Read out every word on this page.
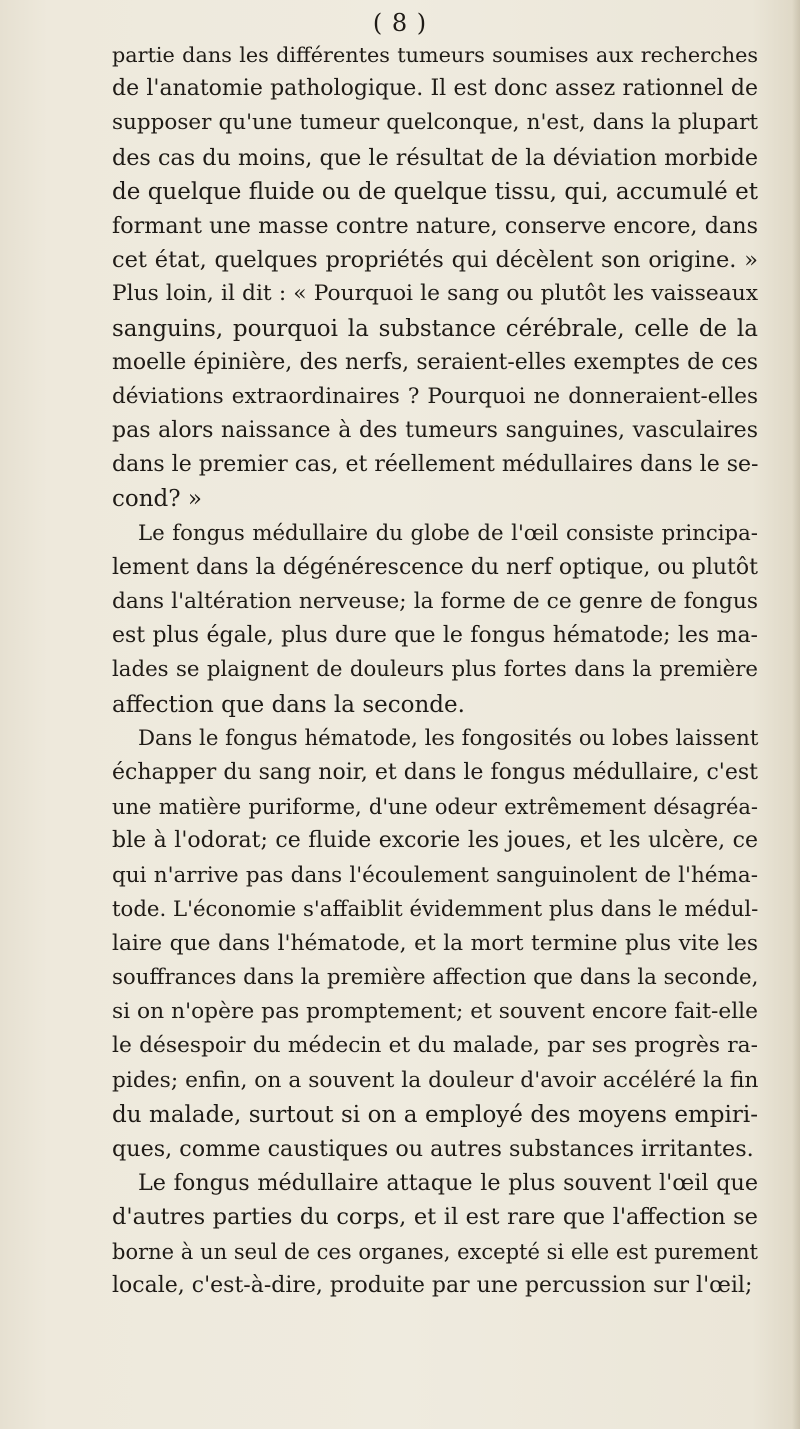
( 8 )
partie dans les différentes tumeurs soumises aux recherches
de l'anatomie pathologique. Il est donc assez rationnel de
supposer qu'une tumeur quelconque, n'est, dans la plupart
des cas du moins, que le résultat de la déviation morbide
de quelque fluide ou de quelque tissu, qui, accumulé et
formant une masse contre nature, conserve encore, dans
cet état, quelques propriétés qui décèlent son origine. »
Plus loin, il dit : « Pourquoi le sang ou plutôt les vaisseaux
sanguins, pourquoi la substance cérébrale, celle de la
moelle épinière, des nerfs, seraient-elles exemptes de ces
déviations extraordinaires ? Pourquoi ne donneraient-elles
pas alors naissance à des tumeurs sanguines, vasculaires
dans le premier cas, et réellement médullaires dans le se-
cond? »
Le fongus médullaire du globe de l'œil consiste principa-
lement dans la dégénérescence du nerf optique, ou plutôt
dans l'altération nerveuse; la forme de ce genre de fongus
est plus égale, plus dure que le fongus hématode; les ma-
lades se plaignent de douleurs plus fortes dans la première
affection que dans la seconde.
Dans le fongus hématode, les fongosités ou lobes laissent
échapper du sang noir, et dans le fongus médullaire, c'est
une matière puriforme, d'une odeur extrêmement désagréa-
ble à l'odorat; ce fluide excorie les joues, et les ulcère, ce
qui n'arrive pas dans l'écoulement sanguinolent de l'héma-
tode. L'économie s'affaiblit évidemment plus dans le médul-
laire que dans l'hématode, et la mort termine plus vite les
souffrances dans la première affection que dans la seconde,
si on n'opère pas promptement; et souvent encore fait-elle
le désespoir du médecin et du malade, par ses progrès ra-
pides; enfin, on a souvent la douleur d'avoir accéléré la fin
du malade, surtout si on a employé des moyens empiri-
ques, comme caustiques ou autres substances irritantes.
Le fongus médullaire attaque le plus souvent l'œil que
d'autres parties du corps, et il est rare que l'affection se
borne à un seul de ces organes, excepté si elle est purement
locale, c'est-à-dire, produite par une percussion sur l'œil;
